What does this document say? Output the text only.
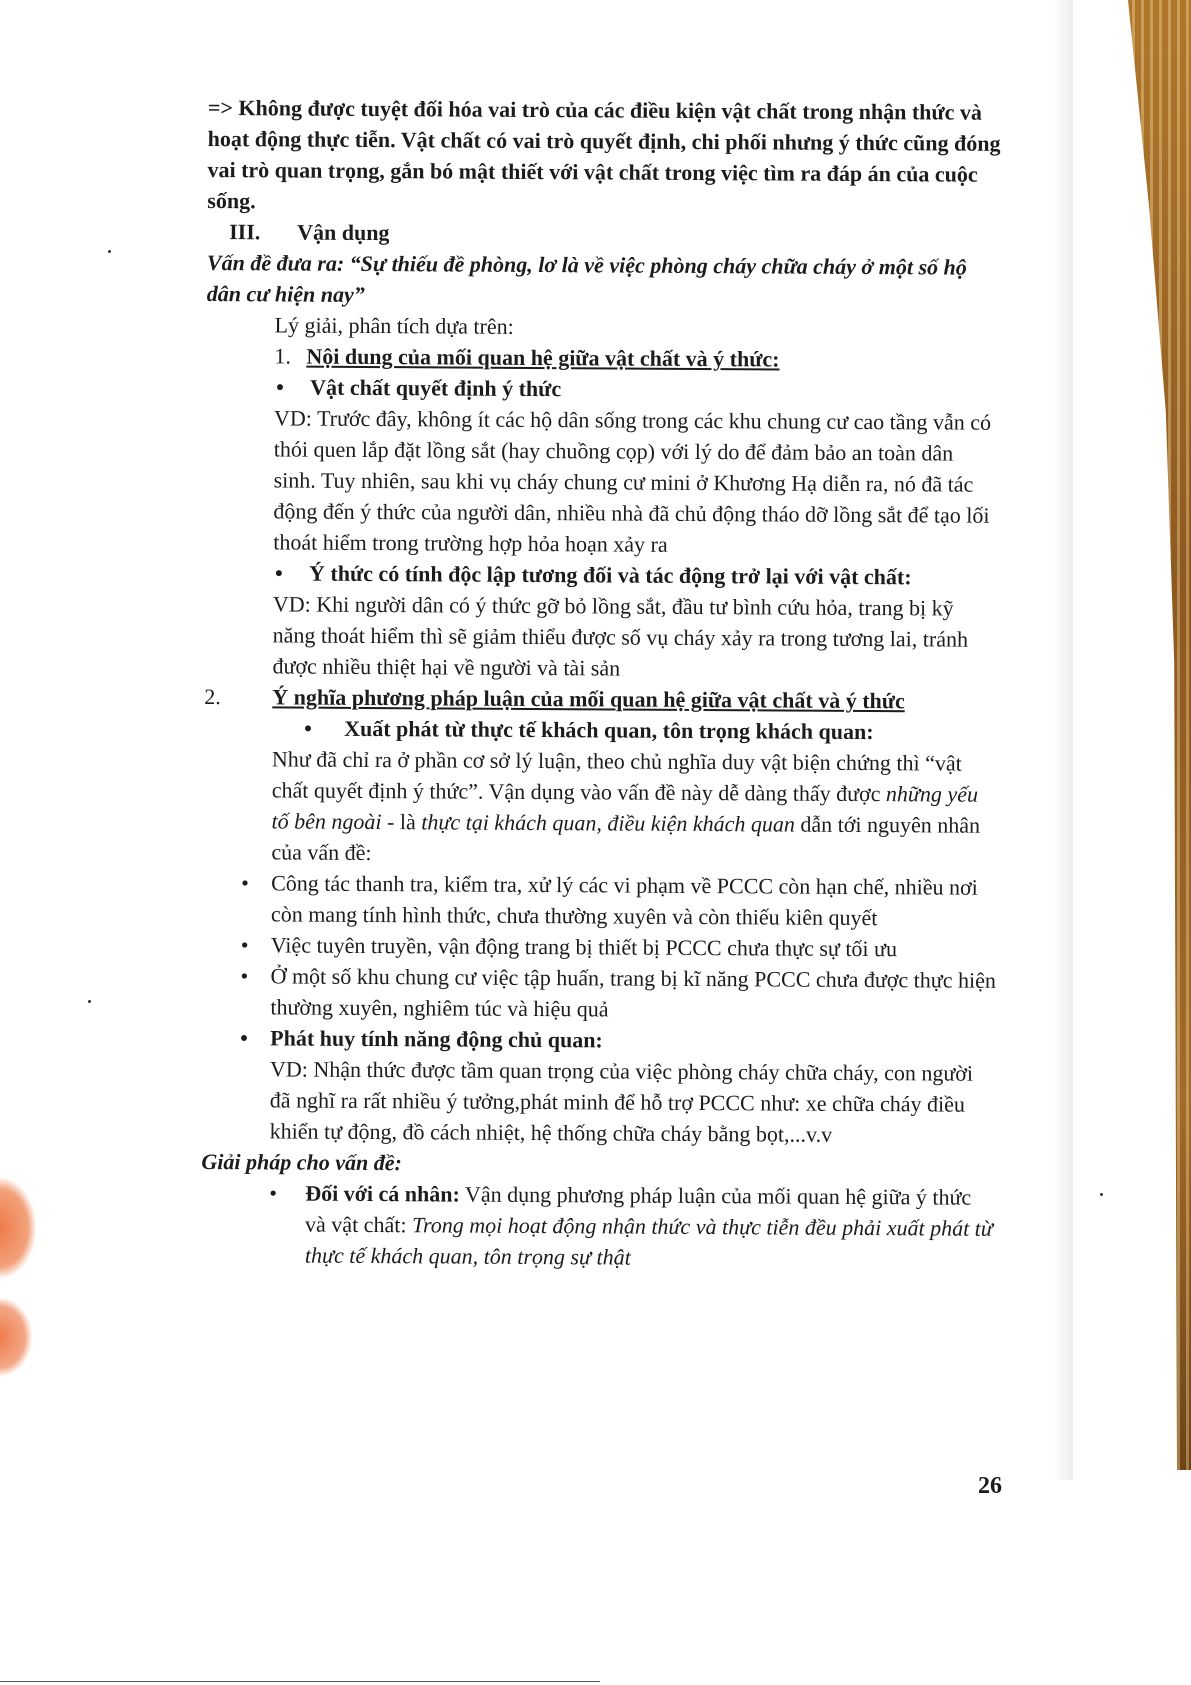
=> Không được tuyệt đối hóa vai trò của các điều kiện vật chất trong nhận thức và hoạt động thực tiễn. Vật chất có vai trò quyết định, chi phối nhưng ý thức cũng đóng vai trò quan trọng, gắn bó mật thiết với vật chất trong việc tìm ra đáp án của cuộc sống.

III. Vận dụng

Vấn đề đưa ra: “Sự thiếu đề phòng, lơ là về việc phòng cháy chữa cháy ở một số hộ dân cư hiện nay”

Lý giải, phân tích dựa trên:

1. Nội dung của mối quan hệ giữa vật chất và ý thức:

• Vật chất quyết định ý thức

VD: Trước đây, không ít các hộ dân sống trong các khu chung cư cao tầng vẫn có thói quen lắp đặt lồng sắt (hay chuồng cọp) với lý do để đảm bảo an toàn dân sinh. Tuy nhiên, sau khi vụ cháy chung cư mini ở Khương Hạ diễn ra, nó đã tác động đến ý thức của người dân, nhiều nhà đã chủ động tháo dỡ lồng sắt để tạo lối thoát hiểm trong trường hợp hỏa hoạn xảy ra

• Ý thức có tính độc lập tương đối và tác động trở lại với vật chất:

VD: Khi người dân có ý thức gỡ bỏ lồng sắt, đầu tư bình cứu hỏa, trang bị kỹ năng thoát hiểm thì sẽ giảm thiểu được số vụ cháy xảy ra trong tương lai, tránh được nhiều thiệt hại về người và tài sản

2. Ý nghĩa phương pháp luận của mối quan hệ giữa vật chất và ý thức

• Xuất phát từ thực tế khách quan, tôn trọng khách quan:

Như đã chỉ ra ở phần cơ sở lý luận, theo chủ nghĩa duy vật biện chứng thì “vật chất quyết định ý thức”. Vận dụng vào vấn đề này dễ dàng thấy được những yếu tố bên ngoài - là thực tại khách quan, điều kiện khách quan dẫn tới nguyên nhân của vấn đề:

• Công tác thanh tra, kiểm tra, xử lý các vi phạm về PCCC còn hạn chế, nhiều nơi còn mang tính hình thức, chưa thường xuyên và còn thiếu kiên quyết

• Việc tuyên truyền, vận động trang bị thiết bị PCCC chưa thực sự tối ưu

• Ở một số khu chung cư việc tập huấn, trang bị kĩ năng PCCC chưa được thực hiện thường xuyên, nghiêm túc và hiệu quả

• Phát huy tính năng động chủ quan:

VD: Nhận thức được tầm quan trọng của việc phòng cháy chữa cháy, con người đã nghĩ ra rất nhiều ý tưởng,phát minh để hỗ trợ PCCC như: xe chữa cháy điều khiển tự động, đồ cách nhiệt, hệ thống chữa cháy bằng bọt,...v.v

Giải pháp cho vấn đề:

• Đối với cá nhân: Vận dụng phương pháp luận của mối quan hệ giữa ý thức và vật chất: Trong mọi hoạt động nhận thức và thực tiễn đều phải xuất phát từ thực tế khách quan, tôn trọng sự thật

26
